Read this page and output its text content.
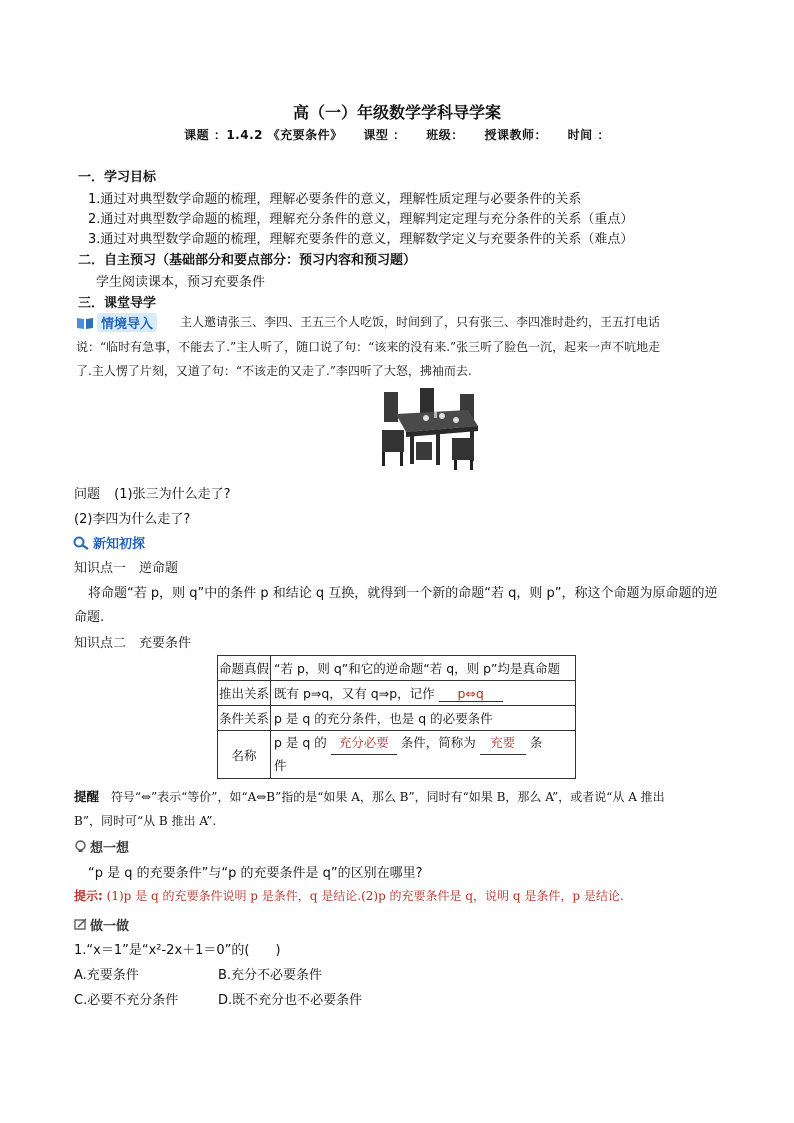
高（一）年级数学学科导学案
课题 ：1.4.2 《充要条件》 课型 ： 班级： 授课教师： 时间 ：
一．学习目标
1.通过对典型数学命题的梳理，理解必要条件的意义，理解性质定理与必要条件的关系
2.通过对典型数学命题的梳理，理解充分条件的意义，理解判定定理与充分条件的关系（重点）
3.通过对典型数学命题的梳理，理解充要条件的意义，理解数学定义与充要条件的关系（难点）
二．自主预习（基础部分和要点部分：预习内容和预习题）
学生阅读课本，预习充要条件
三．课堂导学
情境导入	主人邀请张三、李四、王五三个人吃饭，时间到了，只有张三、李四准时赴约，王五打电话
说：“临时有急事，不能去了.”主人听了，随口说了句：“该来的没有来.”张三听了脸色一沉，起来一声不吭地走
了.主人愣了片刻，又道了句：“不该走的又走了.”李四听了大怒，拂袖而去.
问题 (1)张三为什么走了?
(2)李四为什么走了?
新知初探
知识点一　逆命题
将命题“若 p，则 q”中的条件 p 和结论 q 互换，就得到一个新的命题“若 q，则 p”，称这个命题为原命题的逆
命题.
知识点二　充要条件
命题真假	“若 p，则 q”和它的逆命题“若 q，则 p”均是真命题
推出关系	既有 p⇒q，又有 q⇒p，记作 p⇔q
条件关系	p 是 q 的充分条件，也是 q 的必要条件
名称	p 是 q 的 充分必要 条件，简称为 充要 条
件
提醒 符号“⇔”表示“等价”，如“A⇔B”指的是“如果 A，那么 B”，同时有“如果 B，那么 A”，或者说“从 A 推出
B”，同时可“从 B 推出 A”.
想一想
“p 是 q 的充要条件”与“p 的充要条件是 q”的区别在哪里?
提示: (1)p 是 q 的充要条件说明 p 是条件，q 是结论.(2)p 的充要条件是 q，说明 q 是条件，p 是结论.
做一做
1.“x＝1”是“x²-2x＋1＝0”的(　　)
A.充要条件	B.充分不必要条件
C.必要不充分条件	D.既不充分也不必要条件
